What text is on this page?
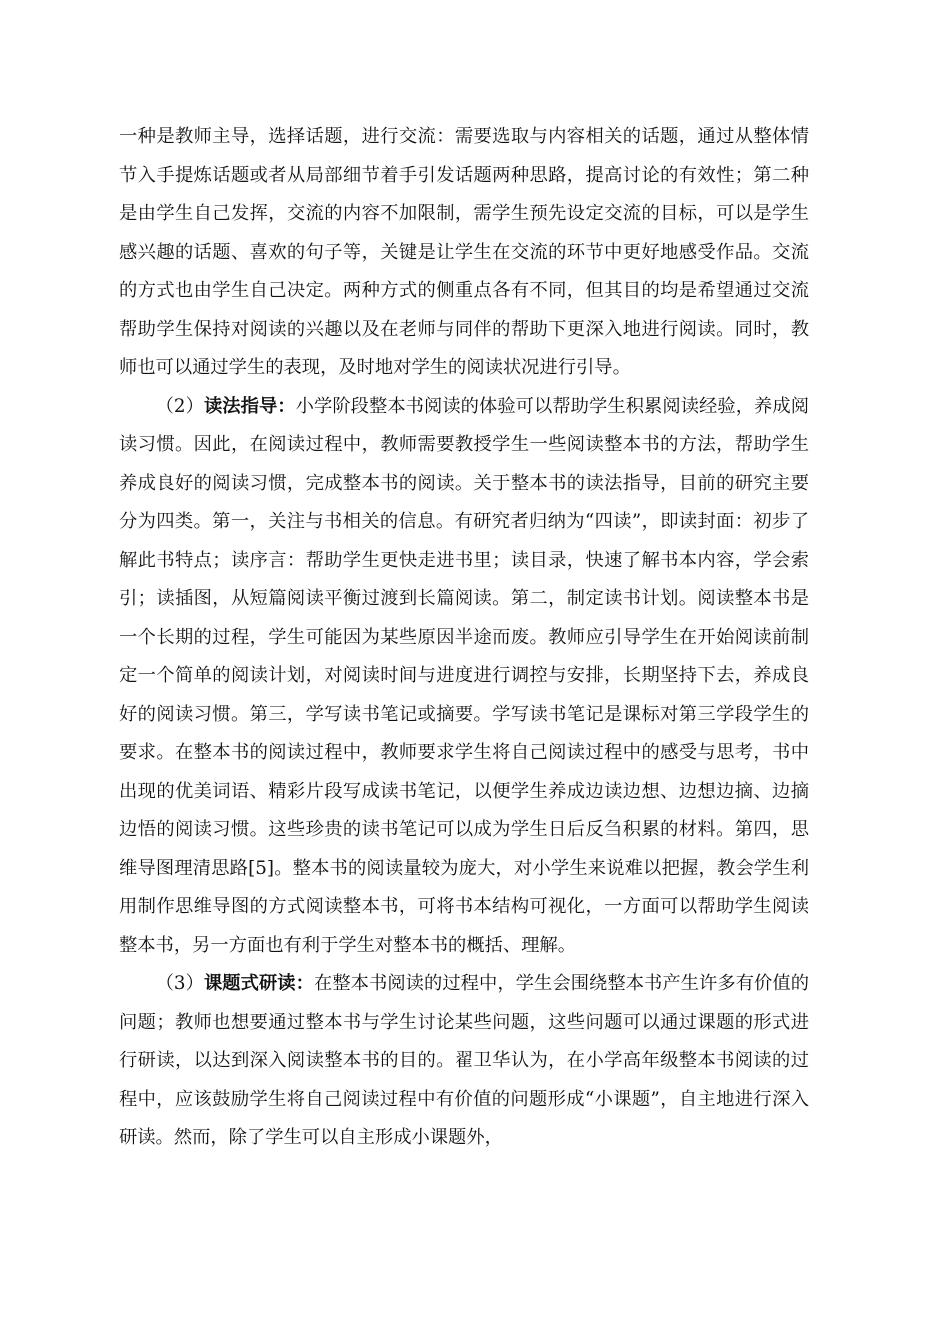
一种是教师主导，选择话题，进行交流：需要选取与内容相关的话题，通过从整体情节入手提炼话题或者从局部细节着手引发话题两种思路，提高讨论的有效性；第二种是由学生自己发挥，交流的内容不加限制，需学生预先设定交流的目标，可以是学生感兴趣的话题、喜欢的句子等，关键是让学生在交流的环节中更好地感受作品。交流的方式也由学生自己决定。两种方式的侧重点各有不同，但其目的均是希望通过交流帮助学生保持对阅读的兴趣以及在老师与同伴的帮助下更深入地进行阅读。同时，教师也可以通过学生的表现，及时地对学生的阅读状况进行引导。

（2）读法指导：小学阶段整本书阅读的体验可以帮助学生积累阅读经验，养成阅读习惯。因此，在阅读过程中，教师需要教授学生一些阅读整本书的方法，帮助学生养成良好的阅读习惯，完成整本书的阅读。关于整本书的读法指导，目前的研究主要分为四类。第一，关注与书相关的信息。有研究者归纳为“四读”，即读封面：初步了解此书特点；读序言：帮助学生更快走进书里；读目录，快速了解书本内容，学会索引；读插图，从短篇阅读平衡过渡到长篇阅读。第二，制定读书计划。阅读整本书是一个长期的过程，学生可能因为某些原因半途而废。教师应引导学生在开始阅读前制定一个简单的阅读计划，对阅读时间与进度进行调控与安排，长期坚持下去，养成良好的阅读习惯。第三，学写读书笔记或摘要。学写读书笔记是课标对第三学段学生的要求。在整本书的阅读过程中，教师要求学生将自己阅读过程中的感受与思考，书中出现的优美词语、精彩片段写成读书笔记，以便学生养成边读边想、边想边摘、边摘边悟的阅读习惯。这些珍贵的读书笔记可以成为学生日后反刍积累的材料。第四，思维导图理清思路[5]。整本书的阅读量较为庞大，对小学生来说难以把握，教会学生利用制作思维导图的方式阅读整本书，可将书本结构可视化，一方面可以帮助学生阅读整本书，另一方面也有利于学生对整本书的概括、理解。

（3）课题式研读：在整本书阅读的过程中，学生会围绕整本书产生许多有价值的问题；教师也想要通过整本书与学生讨论某些问题，这些问题可以通过课题的形式进行研读，以达到深入阅读整本书的目的。翟卫华认为，在小学高年级整本书阅读的过程中，应该鼓励学生将自己阅读过程中有价值的问题形成“小课题”，自主地进行深入研读。然而，除了学生可以自主形成小课题外，
